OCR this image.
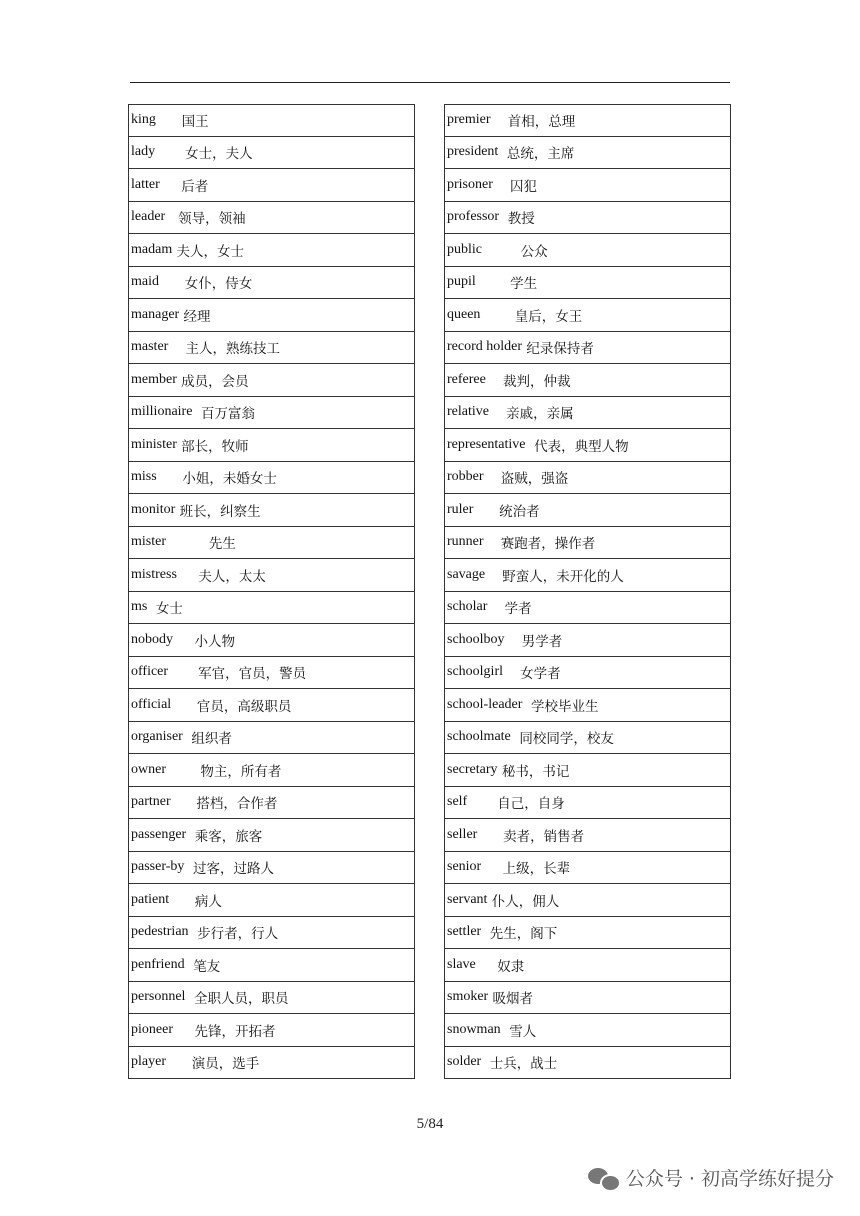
king 国王
lady 女士，夫人
latter 后者
leader 领导，领袖
madam 夫人，女士
maid 女仆，侍女
manager 经理
master 主人，熟练技工
member 成员，会员
millionaire 百万富翁
minister 部长，牧师
miss 小姐，未婚女士
monitor 班长，纠察生
mister 先生
mistress 夫人，太太
ms 女士
nobody 小人物
officer 军官，官员，警员
official 官员，高级职员
organiser 组织者
owner 物主，所有者
partner 搭档，合作者
passenger 乘客，旅客
passer-by 过客，过路人
patient 病人
pedestrian 步行者，行人
penfriend 笔友
personnel 全职人员，职员
pioneer 先锋，开拓者
player 演员，选手
premier 首相，总理
president 总统，主席
prisoner 囚犯
professor 教授
public 公众
pupil 学生
queen 皇后，女王
record holder 纪录保持者
referee 裁判，仲裁
relative 亲戚，亲属
representative 代表，典型人物
robber 盗贼，强盗
ruler 统治者
runner 赛跑者，操作者
savage 野蛮人，未开化的人
scholar 学者
schoolboy 男学者
schoolgirl 女学者
school-leader 学校毕业生
schoolmate 同校同学，校友
secretary 秘书，书记
self 自己，自身
seller 卖者，销售者
senior 上级，长辈
servant 仆人，佣人
settler 先生，阁下
slave 奴隶
smoker 吸烟者
snowman 雪人
solder 士兵，战士
5/84
公众号 · 初高学练好提分
